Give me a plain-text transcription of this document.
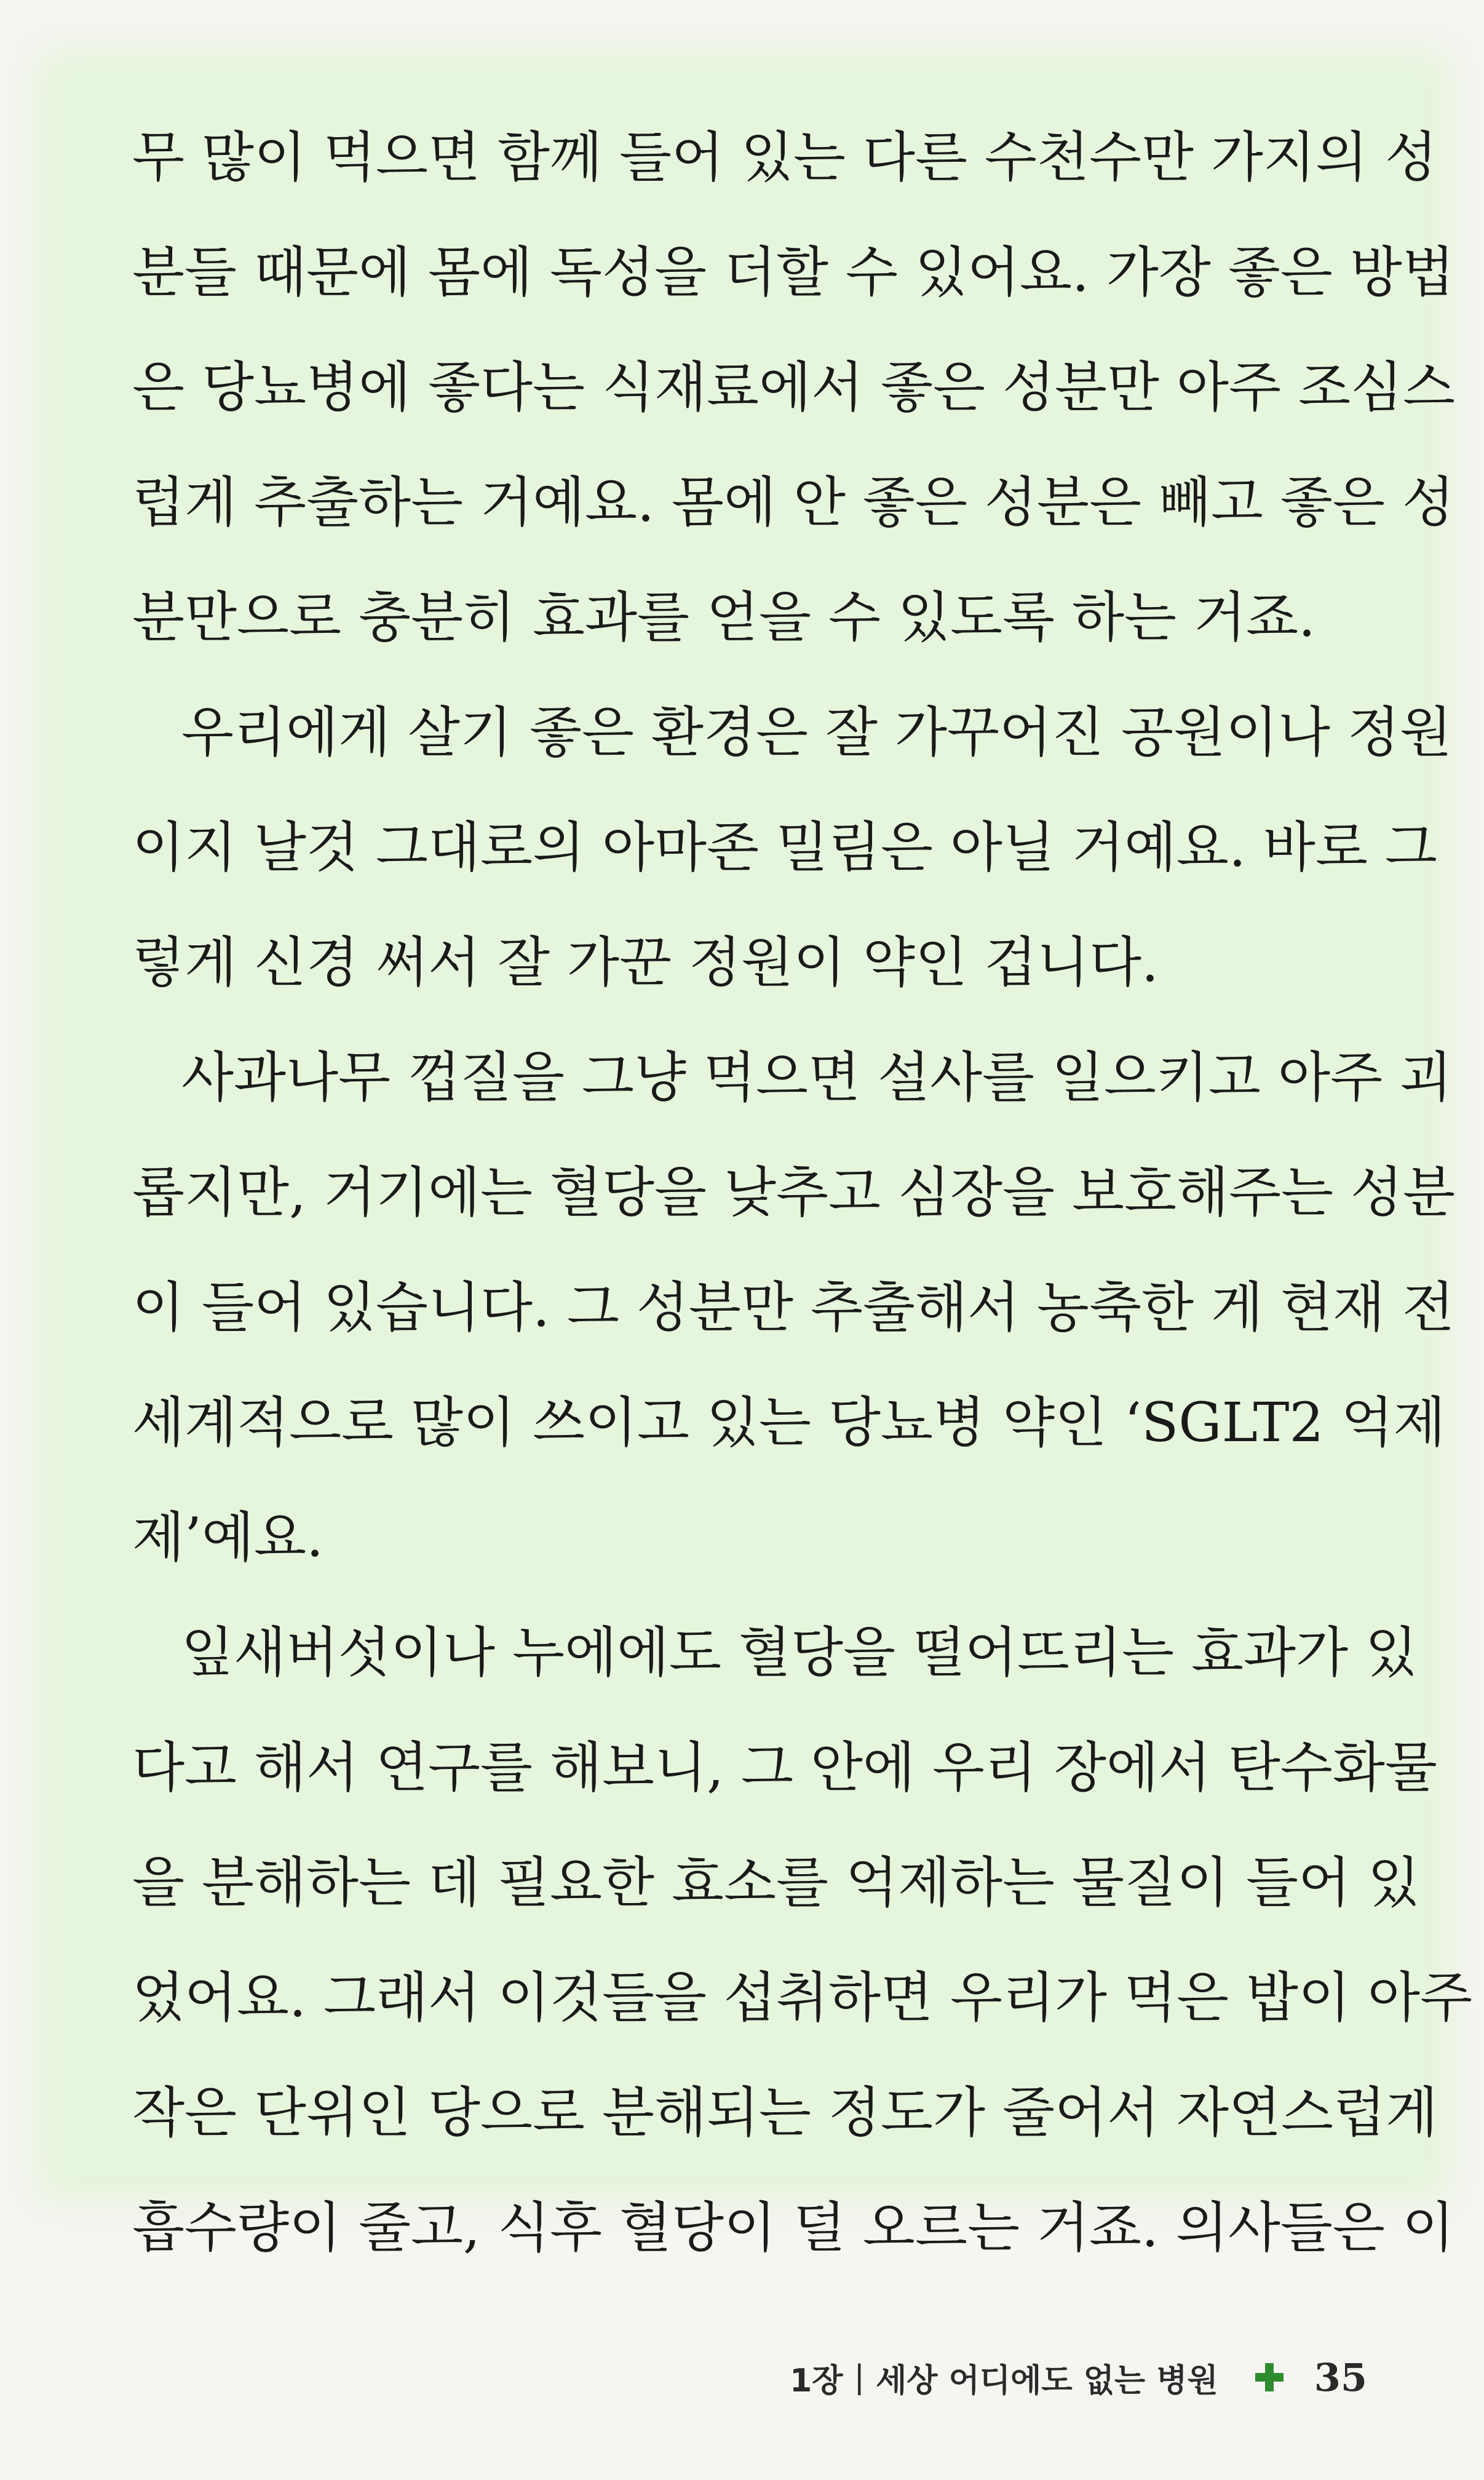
무 많이 먹으면 함께 들어 있는 다른 수천수만 가지의 성
분들 때문에 몸에 독성을 더할 수 있어요. 가장 좋은 방법
은 당뇨병에 좋다는 식재료에서 좋은 성분만 아주 조심스
럽게 추출하는 거예요. 몸에 안 좋은 성분은 빼고 좋은 성
분만으로 충분히 효과를 얻을 수 있도록 하는 거죠.
우리에게 살기 좋은 환경은 잘 가꾸어진 공원이나 정원
이지 날것 그대로의 아마존 밀림은 아닐 거예요. 바로 그
렇게 신경 써서 잘 가꾼 정원이 약인 겁니다.
사과나무 껍질을 그냥 먹으면 설사를 일으키고 아주 괴
롭지만, 거기에는 혈당을 낮추고 심장을 보호해주는 성분
이 들어 있습니다. 그 성분만 추출해서 농축한 게 현재 전
세계적으로 많이 쓰이고 있는 당뇨병 약인 ‘SGLT2 억제
제’예요.
잎새버섯이나 누에에도 혈당을 떨어뜨리는 효과가 있
다고 해서 연구를 해보니, 그 안에 우리 장에서 탄수화물
을 분해하는 데 필요한 효소를 억제하는 물질이 들어 있
었어요. 그래서 이것들을 섭취하면 우리가 먹은 밥이 아주
작은 단위인 당으로 분해되는 정도가 줄어서 자연스럽게
흡수량이 줄고, 식후 혈당이 덜 오르는 거죠. 의사들은 이
1장 | 세상 어디에도 없는 병원	35
